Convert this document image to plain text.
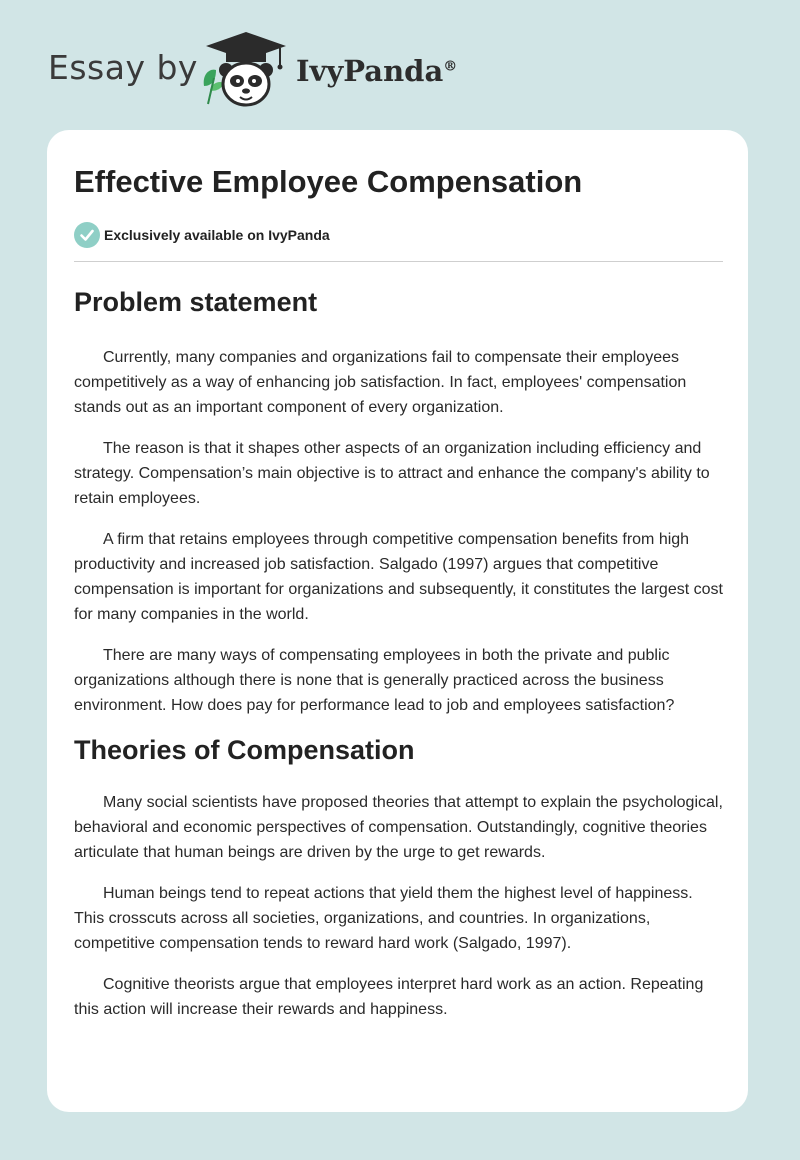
Essay by	IvyPanda®
Effective Employee Compensation
Exclusively available on IvyPanda
Problem statement

Currently, many companies and organizations fail to compensate their employees competitively as a way of enhancing job satisfaction. In fact, employees' compensation stands out as an important component of every organization.

The reason is that it shapes other aspects of an organization including efficiency and strategy. Compensation’s main objective is to attract and enhance the company's ability to retain employees.

A firm that retains employees through competitive compensation benefits from high productivity and increased job satisfaction. Salgado (1997) argues that competitive compensation is important for organizations and subsequently, it constitutes the largest cost for many companies in the world.

There are many ways of compensating employees in both the private and public organizations although there is none that is generally practiced across the business environment. How does pay for performance lead to job and employees satisfaction?

Theories of Compensation

Many social scientists have proposed theories that attempt to explain the psychological, behavioral and economic perspectives of compensation. Outstandingly, cognitive theories articulate that human beings are driven by the urge to get rewards.

Human beings tend to repeat actions that yield them the highest level of happiness. This crosscuts across all societies, organizations, and countries. In organizations, competitive compensation tends to reward hard work (Salgado, 1997).

Cognitive theorists argue that employees interpret hard work as an action. Repeating this action will increase their rewards and happiness.
